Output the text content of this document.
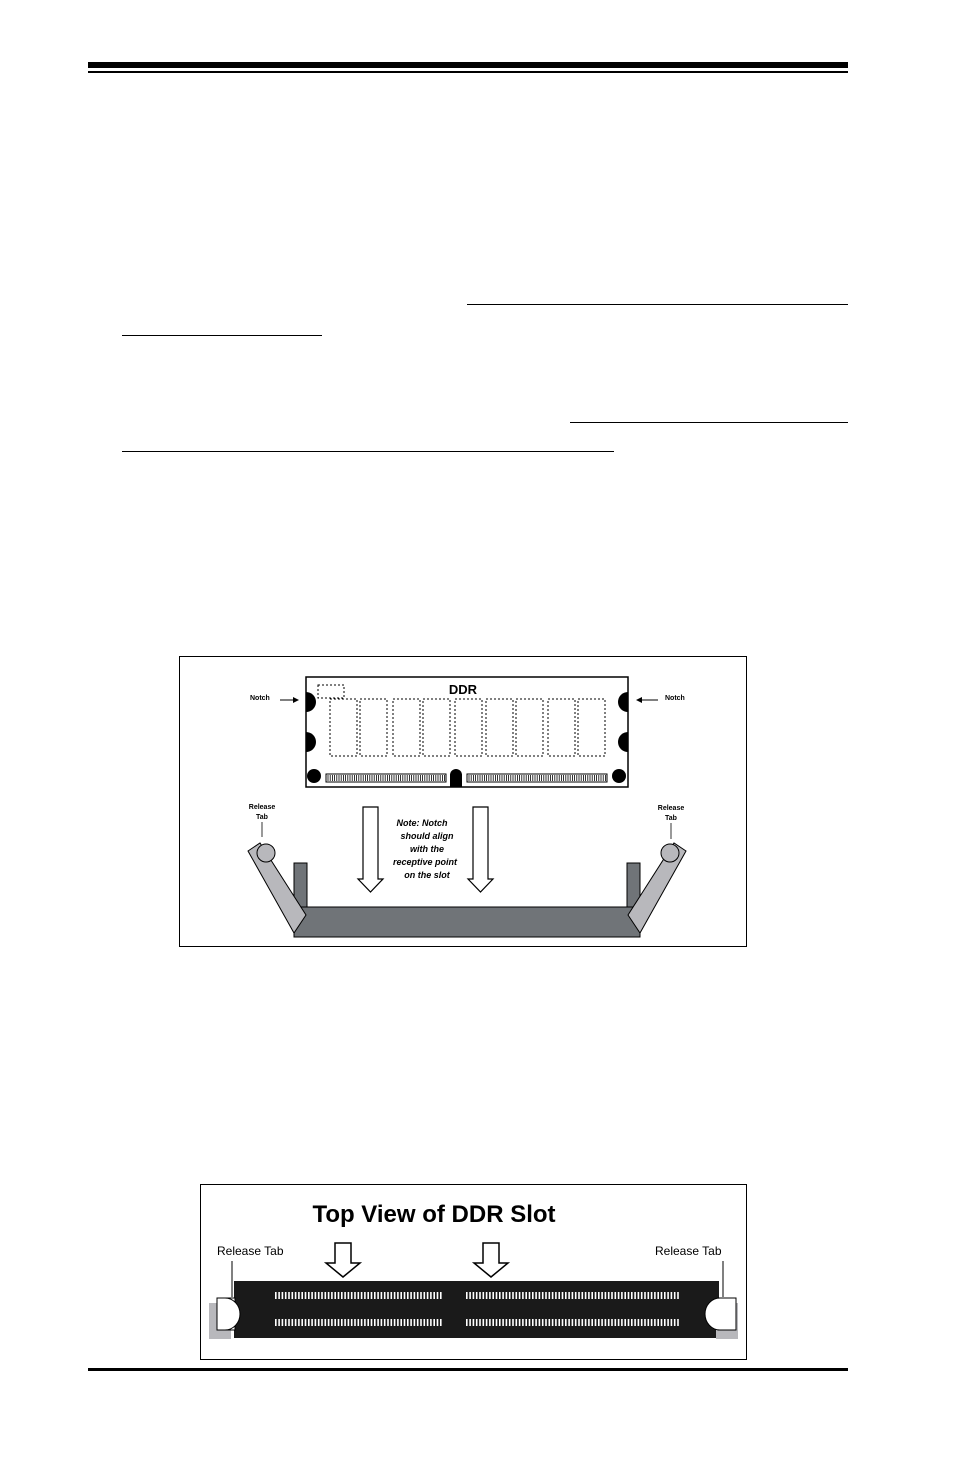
DDR
Notch	Notch
Release
Tab
Release
Tab
Note: Notch
should align
with the
receptive point
on the slot
Top View of DDR Slot
Release Tab	Release Tab
